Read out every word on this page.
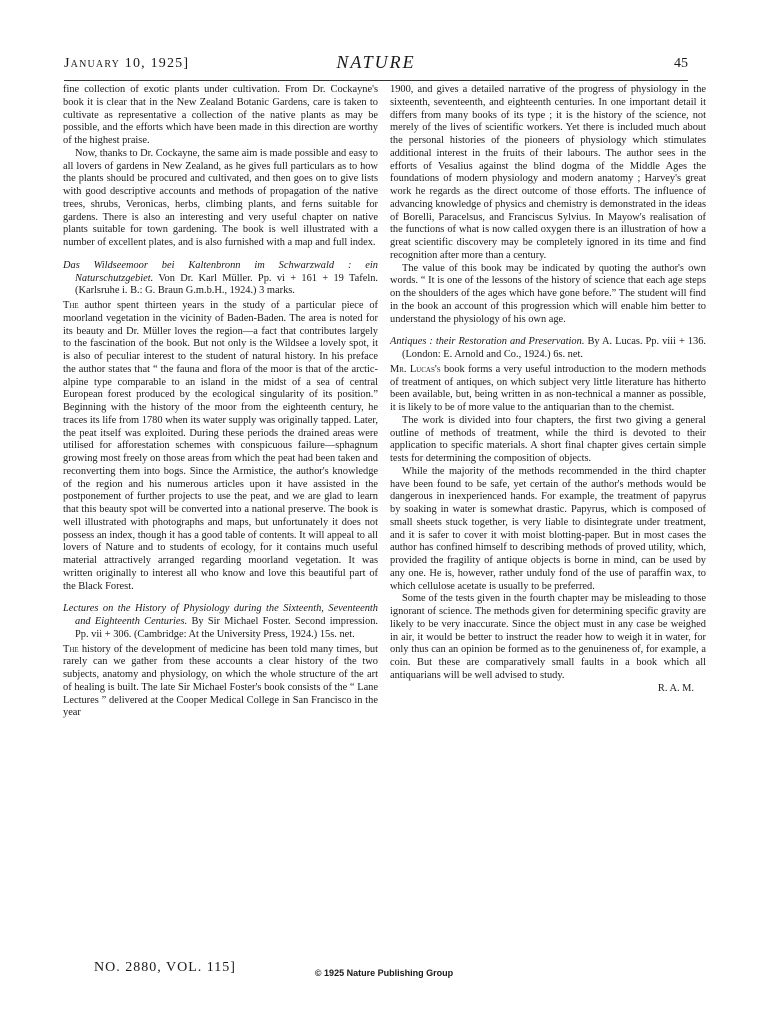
January 10, 1925]	NATURE	45

fine collection of exotic plants under cultivation. From Dr. Cockayne's book it is clear that in the New Zealand Botanic Gardens, care is taken to cultivate as representative a collection of the native plants as may be possible, and the efforts which have been made in this direction are worthy of the highest praise.

Now, thanks to Dr. Cockayne, the same aim is made possible and easy to all lovers of gardens in New Zealand, as he gives full particulars as to how the plants should be procured and cultivated, and then goes on to give lists with good descriptive accounts and methods of propagation of the native trees, shrubs, Veronicas, herbs, climbing plants, and ferns suitable for gardens. There is also an interesting and very useful chapter on native plants suitable for town gardening. The book is well illustrated with a number of excellent plates, and is also furnished with a map and full index.

Das Wildseemoor bei Kaltenbronn im Schwarzwald : ein Naturschutzgebiet. Von Dr. Karl Müller. Pp. vi + 161 + 19 Tafeln. (Karlsruhe i. B.: G. Braun G.m.b.H., 1924.) 3 marks.

The author spent thirteen years in the study of a particular piece of moorland vegetation in the vicinity of Baden-Baden. The area is noted for its beauty and Dr. Müller loves the region—a fact that contributes largely to the fascination of the book. But not only is the Wildsee a lovely spot, it is also of peculiar interest to the student of natural history. In his preface the author states that “ the fauna and flora of the moor is that of the arctic-alpine type comparable to an island in the midst of a sea of central European forest produced by the ecological singularity of its position.” Beginning with the history of the moor from the eighteenth century, he traces its life from 1780 when its water supply was originally tapped. Later, the peat itself was exploited. During these periods the drained areas were utilised for afforestation schemes with conspicuous failure—sphagnum growing most freely on those areas from which the peat had been taken and reconverting them into bogs. Since the Armistice, the author's knowledge of the region and his numerous articles upon it have assisted in the postponement of further projects to use the peat, and we are glad to learn that this beauty spot will be converted into a national preserve. The book is well illustrated with photographs and maps, but unfortunately it does not possess an index, though it has a good table of contents. It will appeal to all lovers of Nature and to students of ecology, for it contains much useful material attractively arranged regarding moorland vegetation. It was written originally to interest all who know and love this beautiful part of the Black Forest.

Lectures on the History of Physiology during the Sixteenth, Seventeenth and Eighteenth Centuries. By Sir Michael Foster. Second impression. Pp. vii + 306. (Cambridge: At the University Press, 1924.) 15s. net.

The history of the development of medicine has been told many times, but rarely can we gather from these accounts a clear history of the two subjects, anatomy and physiology, on which the whole structure of the art of healing is built. The late Sir Michael Foster's book consists of the “ Lane Lectures ” delivered at the Cooper Medical College in San Francisco in the year

1900, and gives a detailed narrative of the progress of physiology in the sixteenth, seventeenth, and eighteenth centuries. In one important detail it differs from many books of its type ; it is the history of the science, not merely of the lives of scientific workers. Yet there is included much about the personal histories of the pioneers of physiology which stimulates additional interest in the fruits of their labours. The author sees in the efforts of Vesalius against the blind dogma of the Middle Ages the foundations of modern physiology and modern anatomy ; Harvey's great work he regards as the direct outcome of those efforts. The influence of advancing knowledge of physics and chemistry is demonstrated in the ideas of Borelli, Paracelsus, and Franciscus Sylvius. In Mayow's realisation of the functions of what is now called oxygen there is an illustration of how a great scientific discovery may be completely ignored in its time and find recognition after more than a century.

The value of this book may be indicated by quoting the author's own words. “ It is one of the lessons of the history of science that each age steps on the shoulders of the ages which have gone before.” The student will find in the book an account of this progression which will enable him better to understand the physiology of his own age.

Antiques : their Restoration and Preservation. By A. Lucas. Pp. viii + 136. (London: E. Arnold and Co., 1924.) 6s. net.

Mr. Lucas's book forms a very useful introduction to the modern methods of treatment of antiques, on which subject very little literature has hitherto been available, but, being written in as non-technical a manner as possible, it is likely to be of more value to the antiquarian than to the chemist.

The work is divided into four chapters, the first two giving a general outline of methods of treatment, while the third is devoted to their application to specific materials. A short final chapter gives certain simple tests for determining the composition of objects.

While the majority of the methods recommended in the third chapter have been found to be safe, yet certain of the author's methods would be dangerous in inexperienced hands. For example, the treatment of papyrus by soaking in water is somewhat drastic. Papyrus, which is composed of small sheets stuck together, is very liable to disintegrate under treatment, and it is safer to cover it with moist blotting-paper. But in most cases the author has confined himself to describing methods of proved utility, which, provided the fragility of antique objects is borne in mind, can be used by any one. He is, however, rather unduly fond of the use of paraffin wax, to which cellulose acetate is usually to be preferred.

Some of the tests given in the fourth chapter may be misleading to those ignorant of science. The methods given for determining specific gravity are likely to be very inaccurate. Since the object must in any case be weighed in air, it would be better to instruct the reader how to weigh it in water, for only thus can an opinion be formed as to the genuineness of, for example, a coin. But these are comparatively small faults in a book which all antiquarians will be well advised to study.

R. A. M.

NO. 2880, VOL. 115]	© 1925 Nature Publishing Group
